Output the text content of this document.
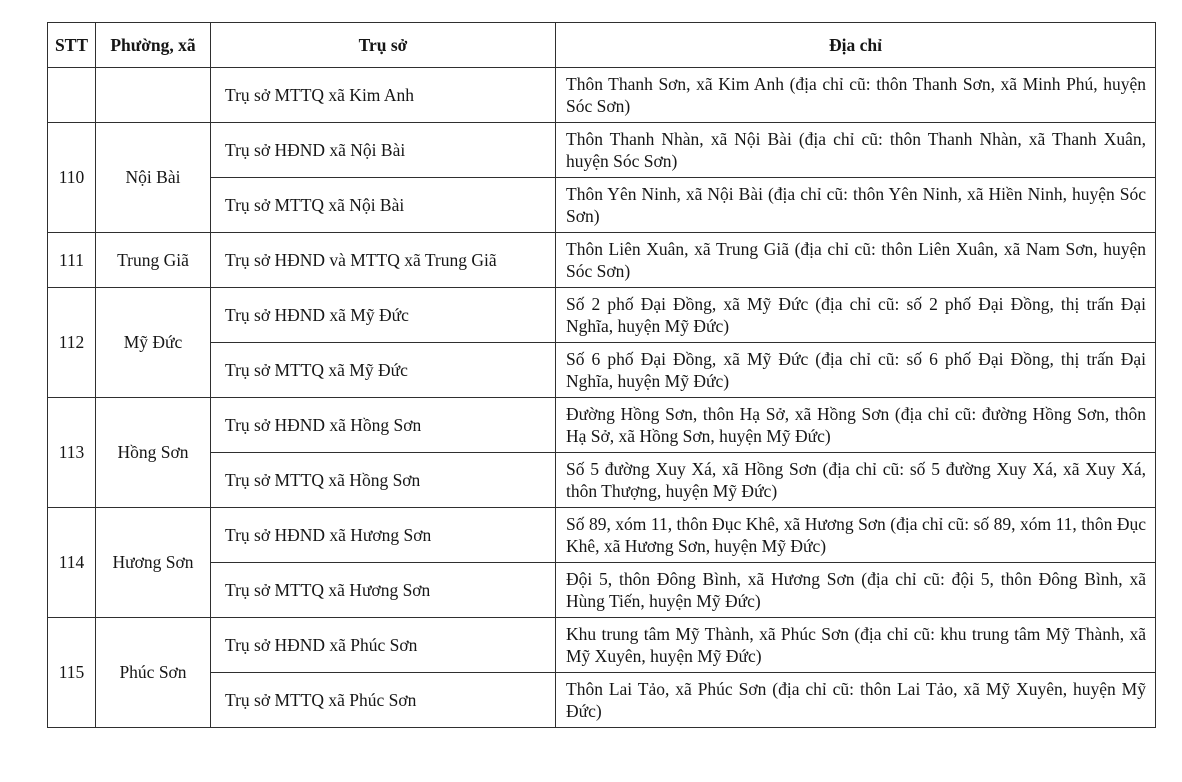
STT	Phường, xã	Trụ sở	Địa chỉ
		Trụ sở MTTQ xã Kim Anh	Thôn Thanh Sơn, xã Kim Anh (địa chỉ cũ: thôn Thanh Sơn, xã Minh Phú, huyện Sóc Sơn)
110	Nội Bài	Trụ sở HĐND xã Nội Bài	Thôn Thanh Nhàn, xã Nội Bài (địa chỉ cũ: thôn Thanh Nhàn, xã Thanh Xuân, huyện Sóc Sơn)
		Trụ sở MTTQ xã Nội Bài	Thôn Yên Ninh, xã Nội Bài (địa chỉ cũ: thôn Yên Ninh, xã Hiền Ninh, huyện Sóc Sơn)
111	Trung Giã	Trụ sở HĐND và MTTQ xã Trung Giã	Thôn Liên Xuân, xã Trung Giã (địa chỉ cũ: thôn Liên Xuân, xã Nam Sơn, huyện Sóc Sơn)
112	Mỹ Đức	Trụ sở HĐND xã Mỹ Đức	Số 2 phố Đại Đồng, xã Mỹ Đức (địa chỉ cũ: số 2 phố Đại Đồng, thị trấn Đại Nghĩa, huyện Mỹ Đức)
		Trụ sở MTTQ xã Mỹ Đức	Số 6 phố Đại Đồng, xã Mỹ Đức (địa chỉ cũ: số 6 phố Đại Đồng, thị trấn Đại Nghĩa, huyện Mỹ Đức)
113	Hồng Sơn	Trụ sở HĐND xã Hồng Sơn	Đường Hồng Sơn, thôn Hạ Sở, xã Hồng Sơn (địa chỉ cũ: đường Hồng Sơn, thôn Hạ Sở, xã Hồng Sơn, huyện Mỹ Đức)
		Trụ sở MTTQ xã Hồng Sơn	Số 5 đường Xuy Xá, xã Hồng Sơn (địa chỉ cũ: số 5 đường Xuy Xá, xã Xuy Xá, thôn Thượng, huyện Mỹ Đức)
114	Hương Sơn	Trụ sở HĐND xã Hương Sơn	Số 89, xóm 11, thôn Đục Khê, xã Hương Sơn (địa chỉ cũ: số 89, xóm 11, thôn Đục Khê, xã Hương Sơn, huyện Mỹ Đức)
		Trụ sở MTTQ xã Hương Sơn	Đội 5, thôn Đông Bình, xã Hương Sơn (địa chỉ cũ: đội 5, thôn Đông Bình, xã Hùng Tiến, huyện Mỹ Đức)
115	Phúc Sơn	Trụ sở HĐND xã Phúc Sơn	Khu trung tâm Mỹ Thành, xã Phúc Sơn (địa chỉ cũ: khu trung tâm Mỹ Thành, xã Mỹ Xuyên, huyện Mỹ Đức)
		Trụ sở MTTQ xã Phúc Sơn	Thôn Lai Tảo, xã Phúc Sơn (địa chỉ cũ: thôn Lai Tảo, xã Mỹ Xuyên, huyện Mỹ Đức)
